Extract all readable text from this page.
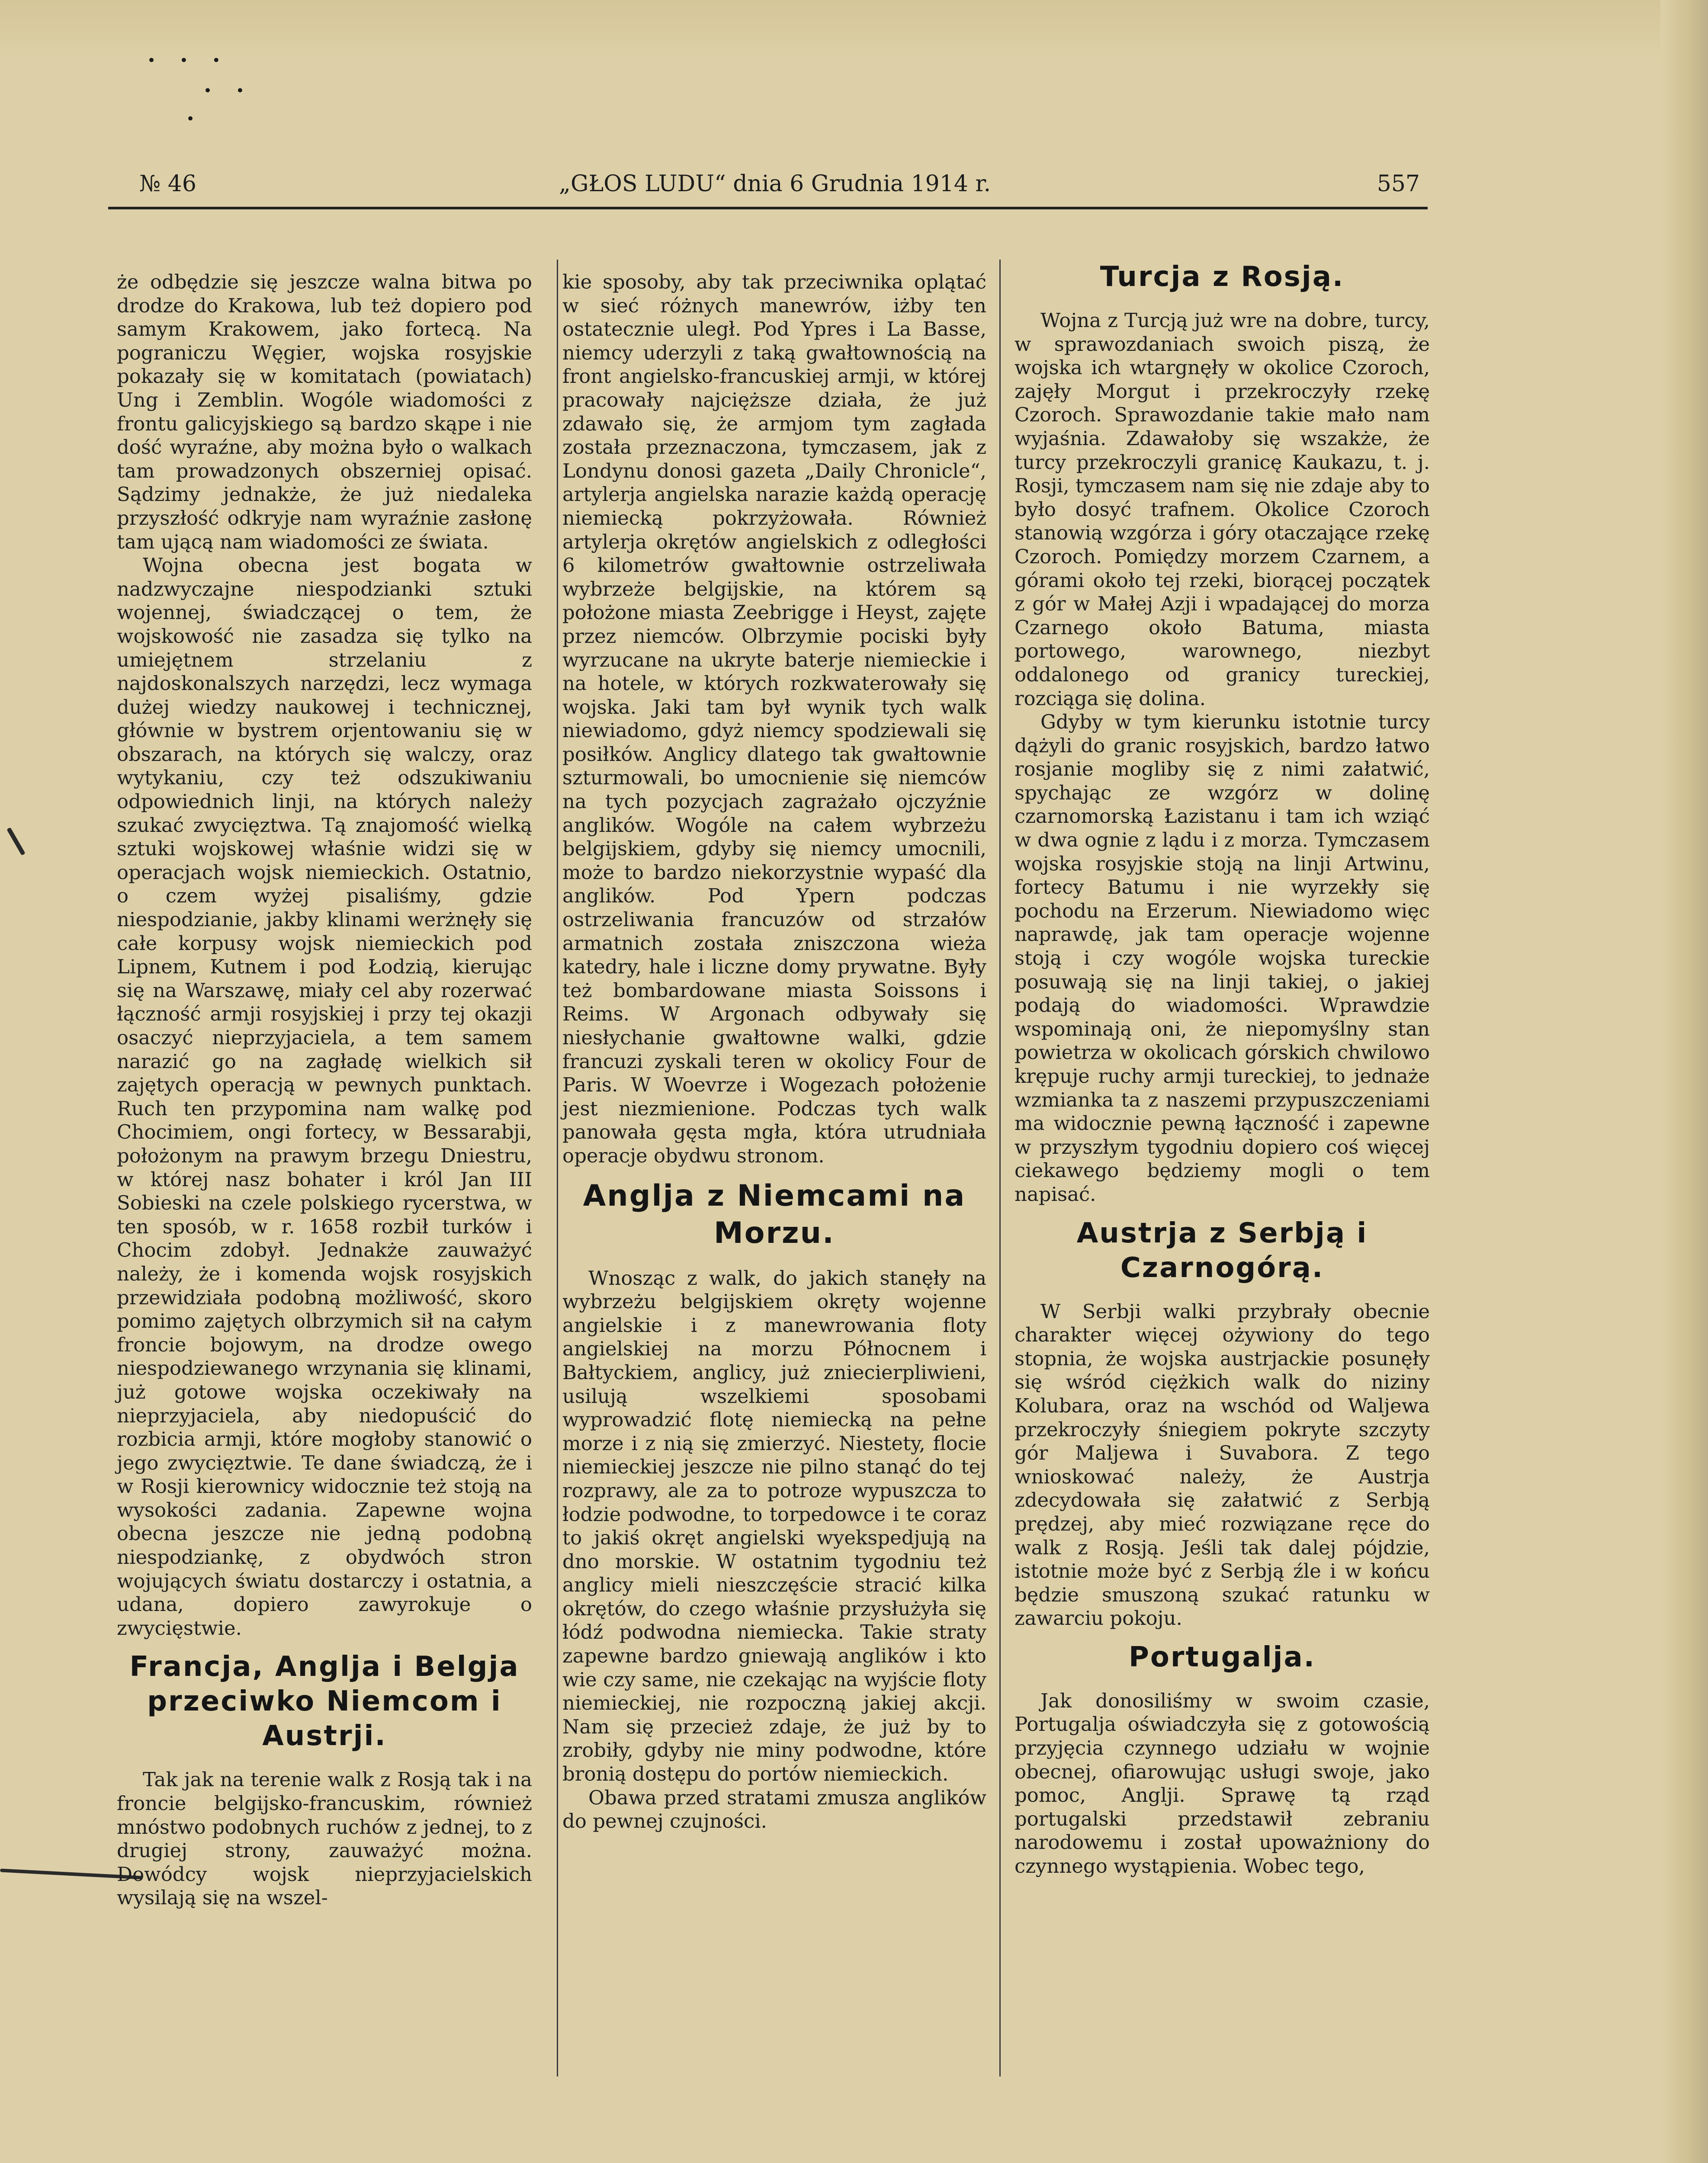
• • •
• •
•
№ 46	„GŁOS LUDU“ dnia 6 Grudnia 1914 r.	557

że odbędzie się jeszcze walna bitwa po drodze do Krakowa, lub też dopiero pod samym Krakowem, jako fortecą. Na pograniczu Węgier, wojska rosyjskie pokazały się w komitatach (powiatach) Ung i Zemblin. Wogóle wiadomości z frontu galicyjskiego są bardzo skąpe i nie dość wyraźne, aby można było o walkach tam prowadzonych obszerniej opisać. Sądzimy jednakże, że już niedaleka przyszłość odkryje nam wyraźnie zasłonę tam ującą nam wiadomości ze świata.

Wojna obecna jest bogata w nadzwyczajne niespodzianki sztuki wojennej, świadczącej o tem, że wojskowość nie zasadza się tylko na umiejętnem strzelaniu z najdoskonalszych narzędzi, lecz wymaga dużej wiedzy naukowej i technicznej, głównie w bystrem orjentowaniu się w obszarach, na których się walczy, oraz wytykaniu, czy też odszukiwaniu odpowiednich linji, na których należy szukać zwycięztwa. Tą znajomość wielką sztuki wojskowej właśnie widzi się w operacjach wojsk niemieckich. Ostatnio, o czem wyżej pisaliśmy, gdzie niespodzianie, jakby klinami werżnęły się całe korpusy wojsk niemieckich pod Lipnem, Kutnem i pod Łodzią, kierując się na Warszawę, miały cel aby rozerwać łączność armji rosyjskiej i przy tej okazji osaczyć nieprzyjaciela, a tem samem narazić go na zagładę wielkich sił zajętych operacją w pewnych punktach. Ruch ten przypomina nam walkę pod Chocimiem, ongi fortecy, w Bessarabji, położonym na prawym brzegu Dniestru, w której nasz bohater i król Jan III Sobieski na czele polskiego rycerstwa, w ten sposób, w r. 1658 rozbił turków i Chocim zdobył. Jednakże zauważyć należy, że i komenda wojsk rosyjskich przewidziała podobną możliwość, skoro pomimo zajętych olbrzymich sił na całym froncie bojowym, na drodze owego niespodziewanego wrzynania się klinami, już gotowe wojska oczekiwały na nieprzyjaciela, aby niedopuścić do rozbicia armji, które mogłoby stanowić o jego zwycięztwie. Te dane świadczą, że i w Rosji kierownicy widocznie też stoją na wysokości zadania. Zapewne wojna obecna jeszcze nie jedną podobną niespodziankę, z obydwóch stron wojujących światu dostarczy i ostatnia, a udana, dopiero zawyrokuje o zwycięstwie.

Francja, Anglja i Belgja przeciwko Niemcom i Austrji.

Tak jak na terenie walk z Rosją tak i na froncie belgijsko-francuskim, również mnóstwo podobnych ruchów z jednej, to z drugiej strony, zauważyć można. Dowódcy wojsk nieprzyjacielskich wysilają się na wszel-

kie sposoby, aby tak przeciwnika oplątać w sieć różnych manewrów, iżby ten ostatecznie uległ. Pod Ypres i La Basse, niemcy uderzyli z taką gwałtownością na front angielsko-francuskiej armji, w której pracowały najcięższe działa, że już zdawało się, że armjom tym zagłada została przeznaczona, tymczasem, jak z Londynu donosi gazeta „Daily Chronicle“, artylerja angielska narazie każdą operację niemiecką pokrzyżowała. Również artylerja okrętów angielskich z odległości 6 kilometrów gwałtownie ostrzeliwała wybrzeże belgijskie, na którem są położone miasta Zeebrigge i Heyst, zajęte przez niemców. Olbrzymie pociski były wyrzucane na ukryte baterje niemieckie i na hotele, w których rozkwaterowały się wojska. Jaki tam był wynik tych walk niewiadomo, gdyż niemcy spodziewali się posiłków. Anglicy dlatego tak gwałtownie szturmowali, bo umocnienie się niemców na tych pozycjach zagrażało ojczyźnie anglików. Wogóle na całem wybrzeżu belgijskiem, gdyby się niemcy umocnili, może to bardzo niekorzystnie wypaść dla anglików. Pod Ypern podczas ostrzeliwania francuzów od strzałów armatnich została zniszczona wieża katedry, hale i liczne domy prywatne. Były też bombardowane miasta Soissons i Reims. W Argonach odbywały się niesłychanie gwałtowne walki, gdzie francuzi zyskali teren w okolicy Four de Paris. W Woevrze i Wogezach położenie jest niezmienione. Podczas tych walk panowała gęsta mgła, która utrudniała operacje obydwu stronom.

Anglja z Niemcami na Morzu.

Wnosząc z walk, do jakich stanęły na wybrzeżu belgijskiem okręty wojenne angielskie i z manewrowania floty angielskiej na morzu Północnem i Bałtyckiem, anglicy, już zniecierpliwieni, usilują wszelkiemi sposobami wyprowadzić flotę niemiecką na pełne morze i z nią się zmierzyć. Niestety, flocie niemieckiej jeszcze nie pilno stanąć do tej rozprawy, ale za to potroze wypuszcza to łodzie podwodne, to torpedowce i te coraz to jakiś okręt angielski wyekspedjują na dno morskie. W ostatnim tygodniu też anglicy mieli nieszczęście stracić kilka okrętów, do czego właśnie przysłużyła się łódź podwodna niemiecka. Takie straty zapewne bardzo gniewają anglików i kto wie czy same, nie czekając na wyjście floty niemieckiej, nie rozpoczną jakiej akcji. Nam się przecież zdaje, że już by to zrobiły, gdyby nie miny podwodne, które bronią dostępu do portów niemieckich.

Obawa przed stratami zmusza anglików do pewnej czujności.

Turcja z Rosją.

Wojna z Turcją już wre na dobre, turcy, w sprawozdaniach swoich piszą, że wojska ich wtargnęły w okolice Czoroch, zajęły Morgut i przekroczyły rzekę Czoroch. Sprawozdanie takie mało nam wyjaśnia. Zdawałoby się wszakże, że turcy przekroczyli granicę Kaukazu, t. j. Rosji, tymczasem nam się nie zdaje aby to było dosyć trafnem. Okolice Czoroch stanowią wzgórza i góry otaczające rzekę Czoroch. Pomiędzy morzem Czarnem, a górami około tej rzeki, biorącej początek z gór w Małej Azji i wpadającej do morza Czarnego około Batuma, miasta portowego, warownego, niezbyt oddalonego od granicy tureckiej, rozciąga się dolina.

Gdyby w tym kierunku istotnie turcy dążyli do granic rosyjskich, bardzo łatwo rosjanie mogliby się z nimi załatwić, spychając ze wzgórz w dolinę czarnomorską Łazistanu i tam ich wziąć w dwa ognie z lądu i z morza. Tymczasem wojska rosyjskie stoją na linji Artwinu, fortecy Batumu i nie wyrzekły się pochodu na Erzerum. Niewiadomo więc naprawdę, jak tam operacje wojenne stoją i czy wogóle wojska tureckie posuwają się na linji takiej, o jakiej podają do wiadomości. Wprawdzie wspominają oni, że niepomyślny stan powietrza w okolicach górskich chwilowo krępuje ruchy armji tureckiej, to jednaże wzmianka ta z naszemi przypuszczeniami ma widocznie pewną łączność i zapewne w przyszłym tygodniu dopiero coś więcej ciekawego będziemy mogli o tem napisać.

Austrja z Serbją i Czarnogórą.

W Serbji walki przybrały obecnie charakter więcej ożywiony do tego stopnia, że wojska austrjackie posunęły się wśród ciężkich walk do niziny Kolubara, oraz na wschód od Waljewa przekroczyły śniegiem pokryte szczyty gór Maljewa i Suvabora. Z tego wnioskować należy, że Austrja zdecydowała się załatwić z Serbją prędzej, aby mieć rozwiązane ręce do walk z Rosją. Jeśli tak dalej pójdzie, istotnie może być z Serbją źle i w końcu będzie smuszoną szukać ratunku w zawarciu pokoju.

Portugalja.

Jak donosiliśmy w swoim czasie, Portugalja oświadczyła się z gotowością przyjęcia czynnego udziału w wojnie obecnej, ofiarowując usługi swoje, jako pomoc, Anglji. Sprawę tą rząd portugalski przedstawił zebraniu narodowemu i został upoważniony do czynnego wystąpienia. Wobec tego,
